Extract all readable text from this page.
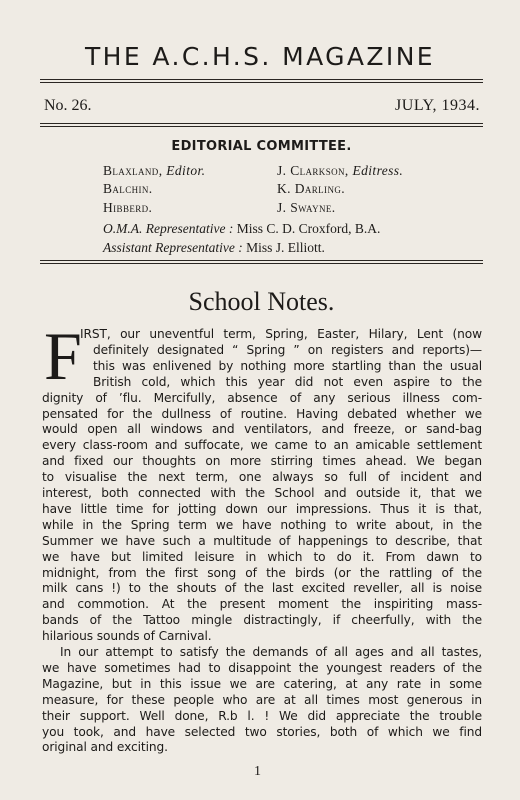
THE A.C.H.S. MAGAZINE
No. 26.	JULY, 1934.
EDITORIAL COMMITTEE.
Blaxland, Editor.	J. Clarkson, Editress.
Balchin.	K. Darling.
Hibberd.	J. Swayne.
O.M.A. Representative : Miss C. D. Croxford, B.A.
Assistant Representative : Miss J. Elliott.
School Notes.
F
IRST, our uneventful term, Spring, Easter, Hilary, Lent (now
definitely designated “ Spring ” on registers and reports)—
this was enlivened by nothing more startling than the usual
British cold, which this year did not even aspire to the
dignity of ’flu. Mercifully, absence of any serious illness com-
pensated for the dullness of routine. Having debated whether we
would open all windows and ventilators, and freeze, or sand-bag
every class-room and suffocate, we came to an amicable settlement
and fixed our thoughts on more stirring times ahead. We began
to visualise the next term, one always so full of incident and
interest, both connected with the School and outside it, that we
have little time for jotting down our impressions. Thus it is that,
while in the Spring term we have nothing to write about, in the
Summer we have such a multitude of happenings to describe, that
we have but limited leisure in which to do it. From dawn to
midnight, from the first song of the birds (or the rattling of the
milk cans !) to the shouts of the last excited reveller, all is noise
and commotion. At the present moment the inspiriting mass-
bands of the Tattoo mingle distractingly, if cheerfully, with the
hilarious sounds of Carnival.
In our attempt to satisfy the demands of all ages and all tastes,
we have sometimes had to disappoint the youngest readers of the
Magazine, but in this issue we are catering, at any rate in some
measure, for these people who are at all times most generous in
their support. Well done, R.b l. ! We did appreciate the trouble
you took, and have selected two stories, both of which we find
original and exciting.
1
